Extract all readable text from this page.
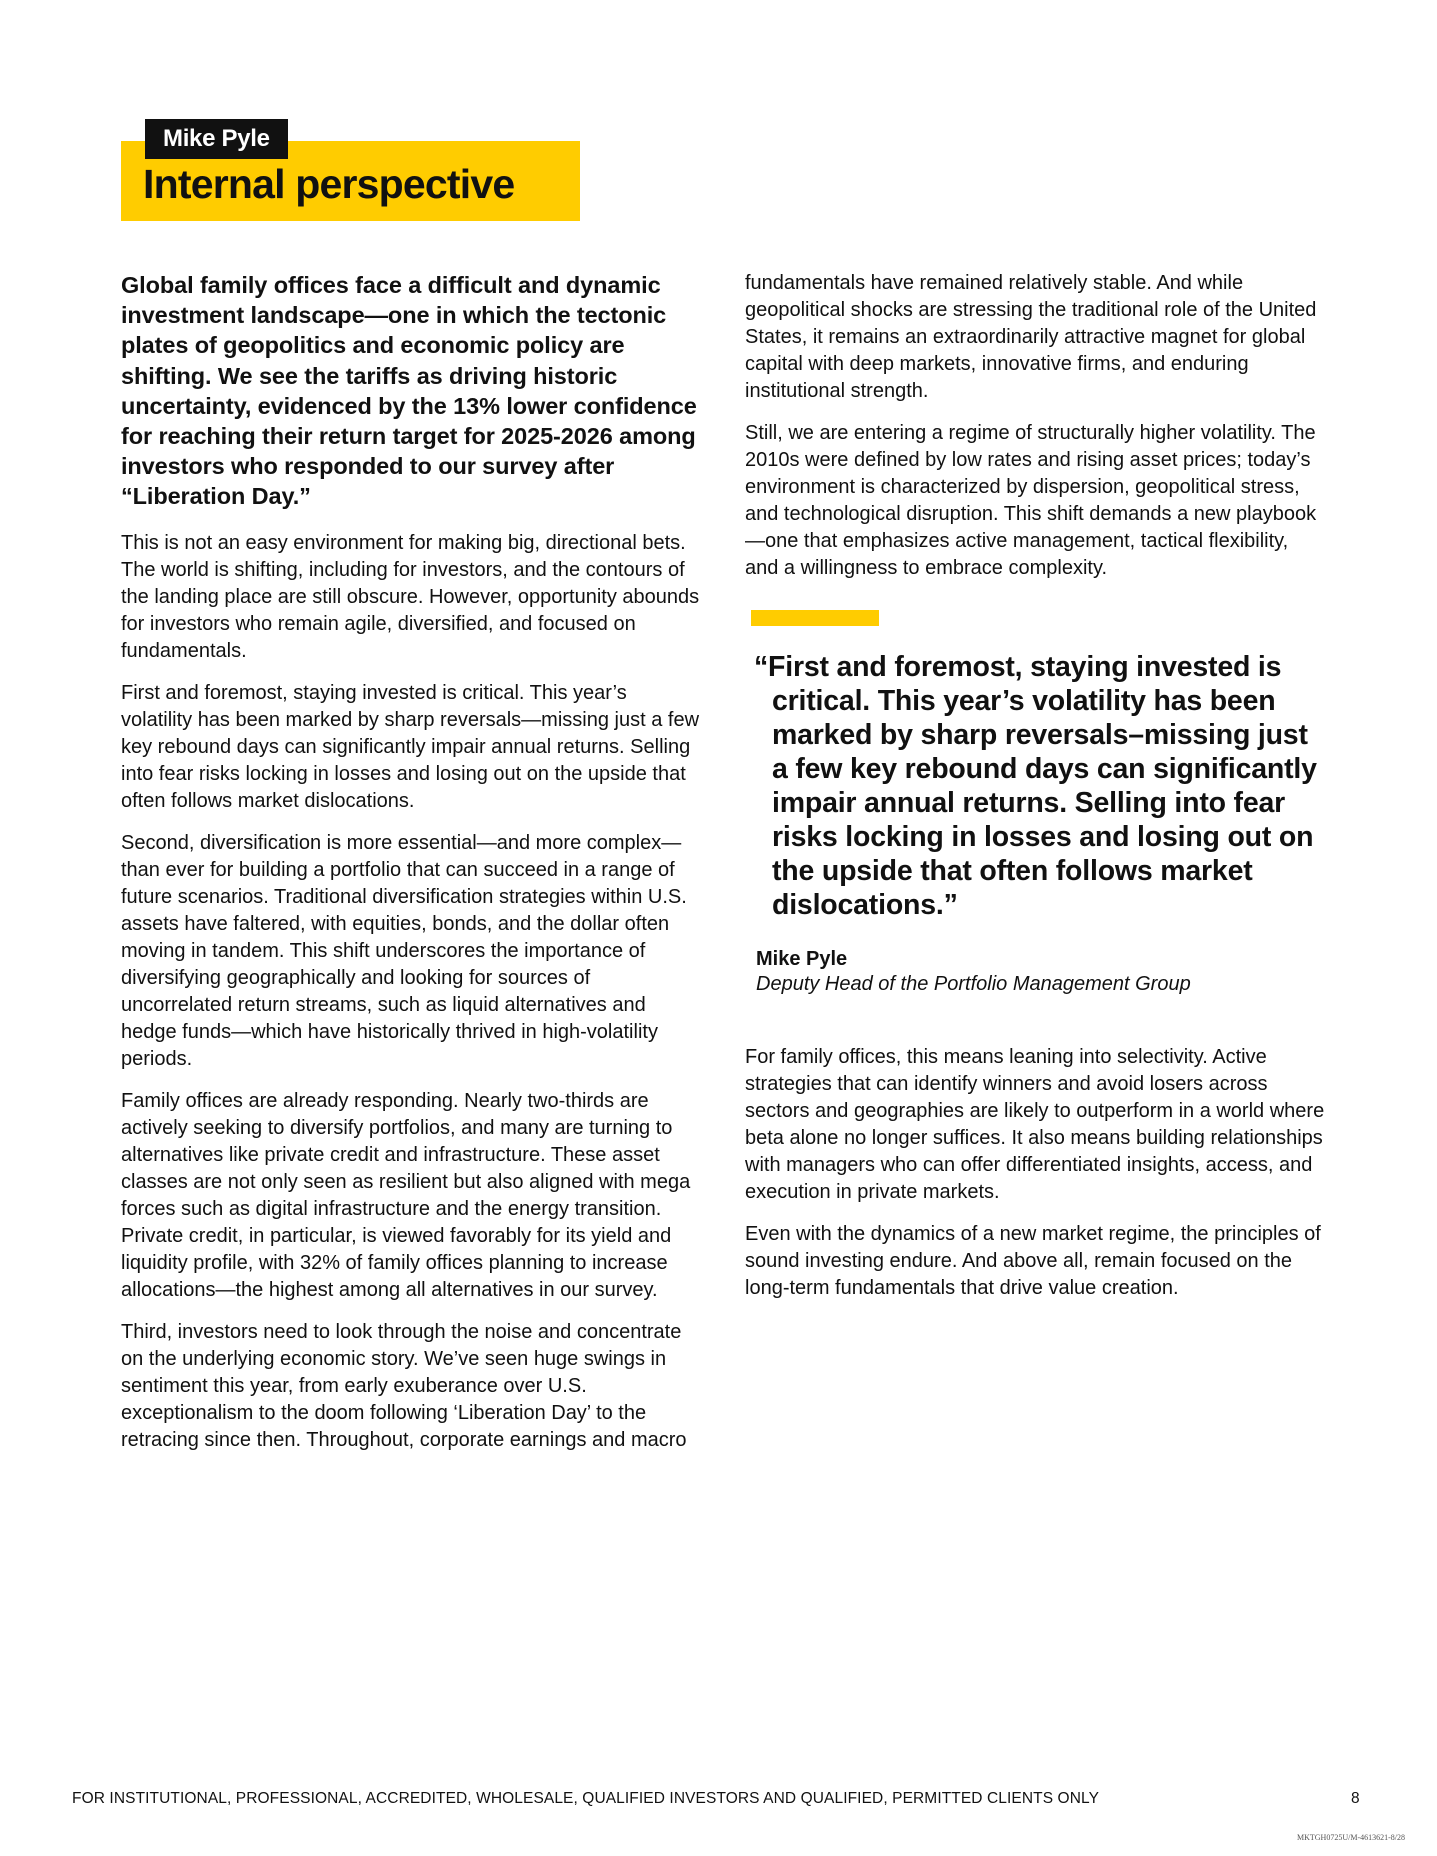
Mike Pyle
Internal perspective

Global family offices face a difficult and dynamic investment landscape—one in which the tectonic plates of geopolitics and economic policy are shifting. We see the tariffs as driving historic uncertainty, evidenced by the 13% lower confidence for reaching their return target for 2025-2026 among investors who responded to our survey after “Liberation Day.”

This is not an easy environment for making big, directional bets. The world is shifting, including for investors, and the contours of the landing place are still obscure. However, opportunity abounds for investors who remain agile, diversified, and focused on fundamentals.

First and foremost, staying invested is critical. This year’s volatility has been marked by sharp reversals—missing just a few key rebound days can significantly impair annual returns. Selling into fear risks locking in losses and losing out on the upside that often follows market dislocations.

Second, diversification is more essential—and more complex—than ever for building a portfolio that can succeed in a range of future scenarios. Traditional diversification strategies within U.S. assets have faltered, with equities, bonds, and the dollar often moving in tandem. This shift underscores the importance of diversifying geographically and looking for sources of uncorrelated return streams, such as liquid alternatives and hedge funds—which have historically thrived in high-volatility periods.

Family offices are already responding. Nearly two-thirds are actively seeking to diversify portfolios, and many are turning to alternatives like private credit and infrastructure. These asset classes are not only seen as resilient but also aligned with mega forces such as digital infrastructure and the energy transition. Private credit, in particular, is viewed favorably for its yield and liquidity profile, with 32% of family offices planning to increase allocations—the highest among all alternatives in our survey.

Third, investors need to look through the noise and concentrate on the underlying economic story. We’ve seen huge swings in sentiment this year, from early exuberance over U.S. exceptionalism to the doom following ‘Liberation Day’ to the retracing since then. Throughout, corporate earnings and macro

fundamentals have remained relatively stable. And while geopolitical shocks are stressing the traditional role of the United States, it remains an extraordinarily attractive magnet for global capital with deep markets, innovative firms, and enduring institutional strength.

Still, we are entering a regime of structurally higher volatility. The 2010s were defined by low rates and rising asset prices; today’s environment is characterized by dispersion, geopolitical stress, and technological disruption. This shift demands a new playbook—one that emphasizes active management, tactical flexibility, and a willingness to embrace complexity.

“First and foremost, staying invested is critical. This year’s volatility has been marked by sharp reversals–missing just a few key rebound days can significantly impair annual returns. Selling into fear risks locking in losses and losing out on the upside that often follows market dislocations.”

Mike Pyle
Deputy Head of the Portfolio Management Group

For family offices, this means leaning into selectivity. Active strategies that can identify winners and avoid losers across sectors and geographies are likely to outperform in a world where beta alone no longer suffices. It also means building relationships with managers who can offer differentiated insights, access, and execution in private markets.

Even with the dynamics of a new market regime, the principles of sound investing endure. And above all, remain focused on the long-term fundamentals that drive value creation.

FOR INSTITUTIONAL, PROFESSIONAL, ACCREDITED, WHOLESALE, QUALIFIED INVESTORS AND QUALIFIED, PERMITTED CLIENTS ONLY	8
MKTGH0725U/M-4613621-8/28
